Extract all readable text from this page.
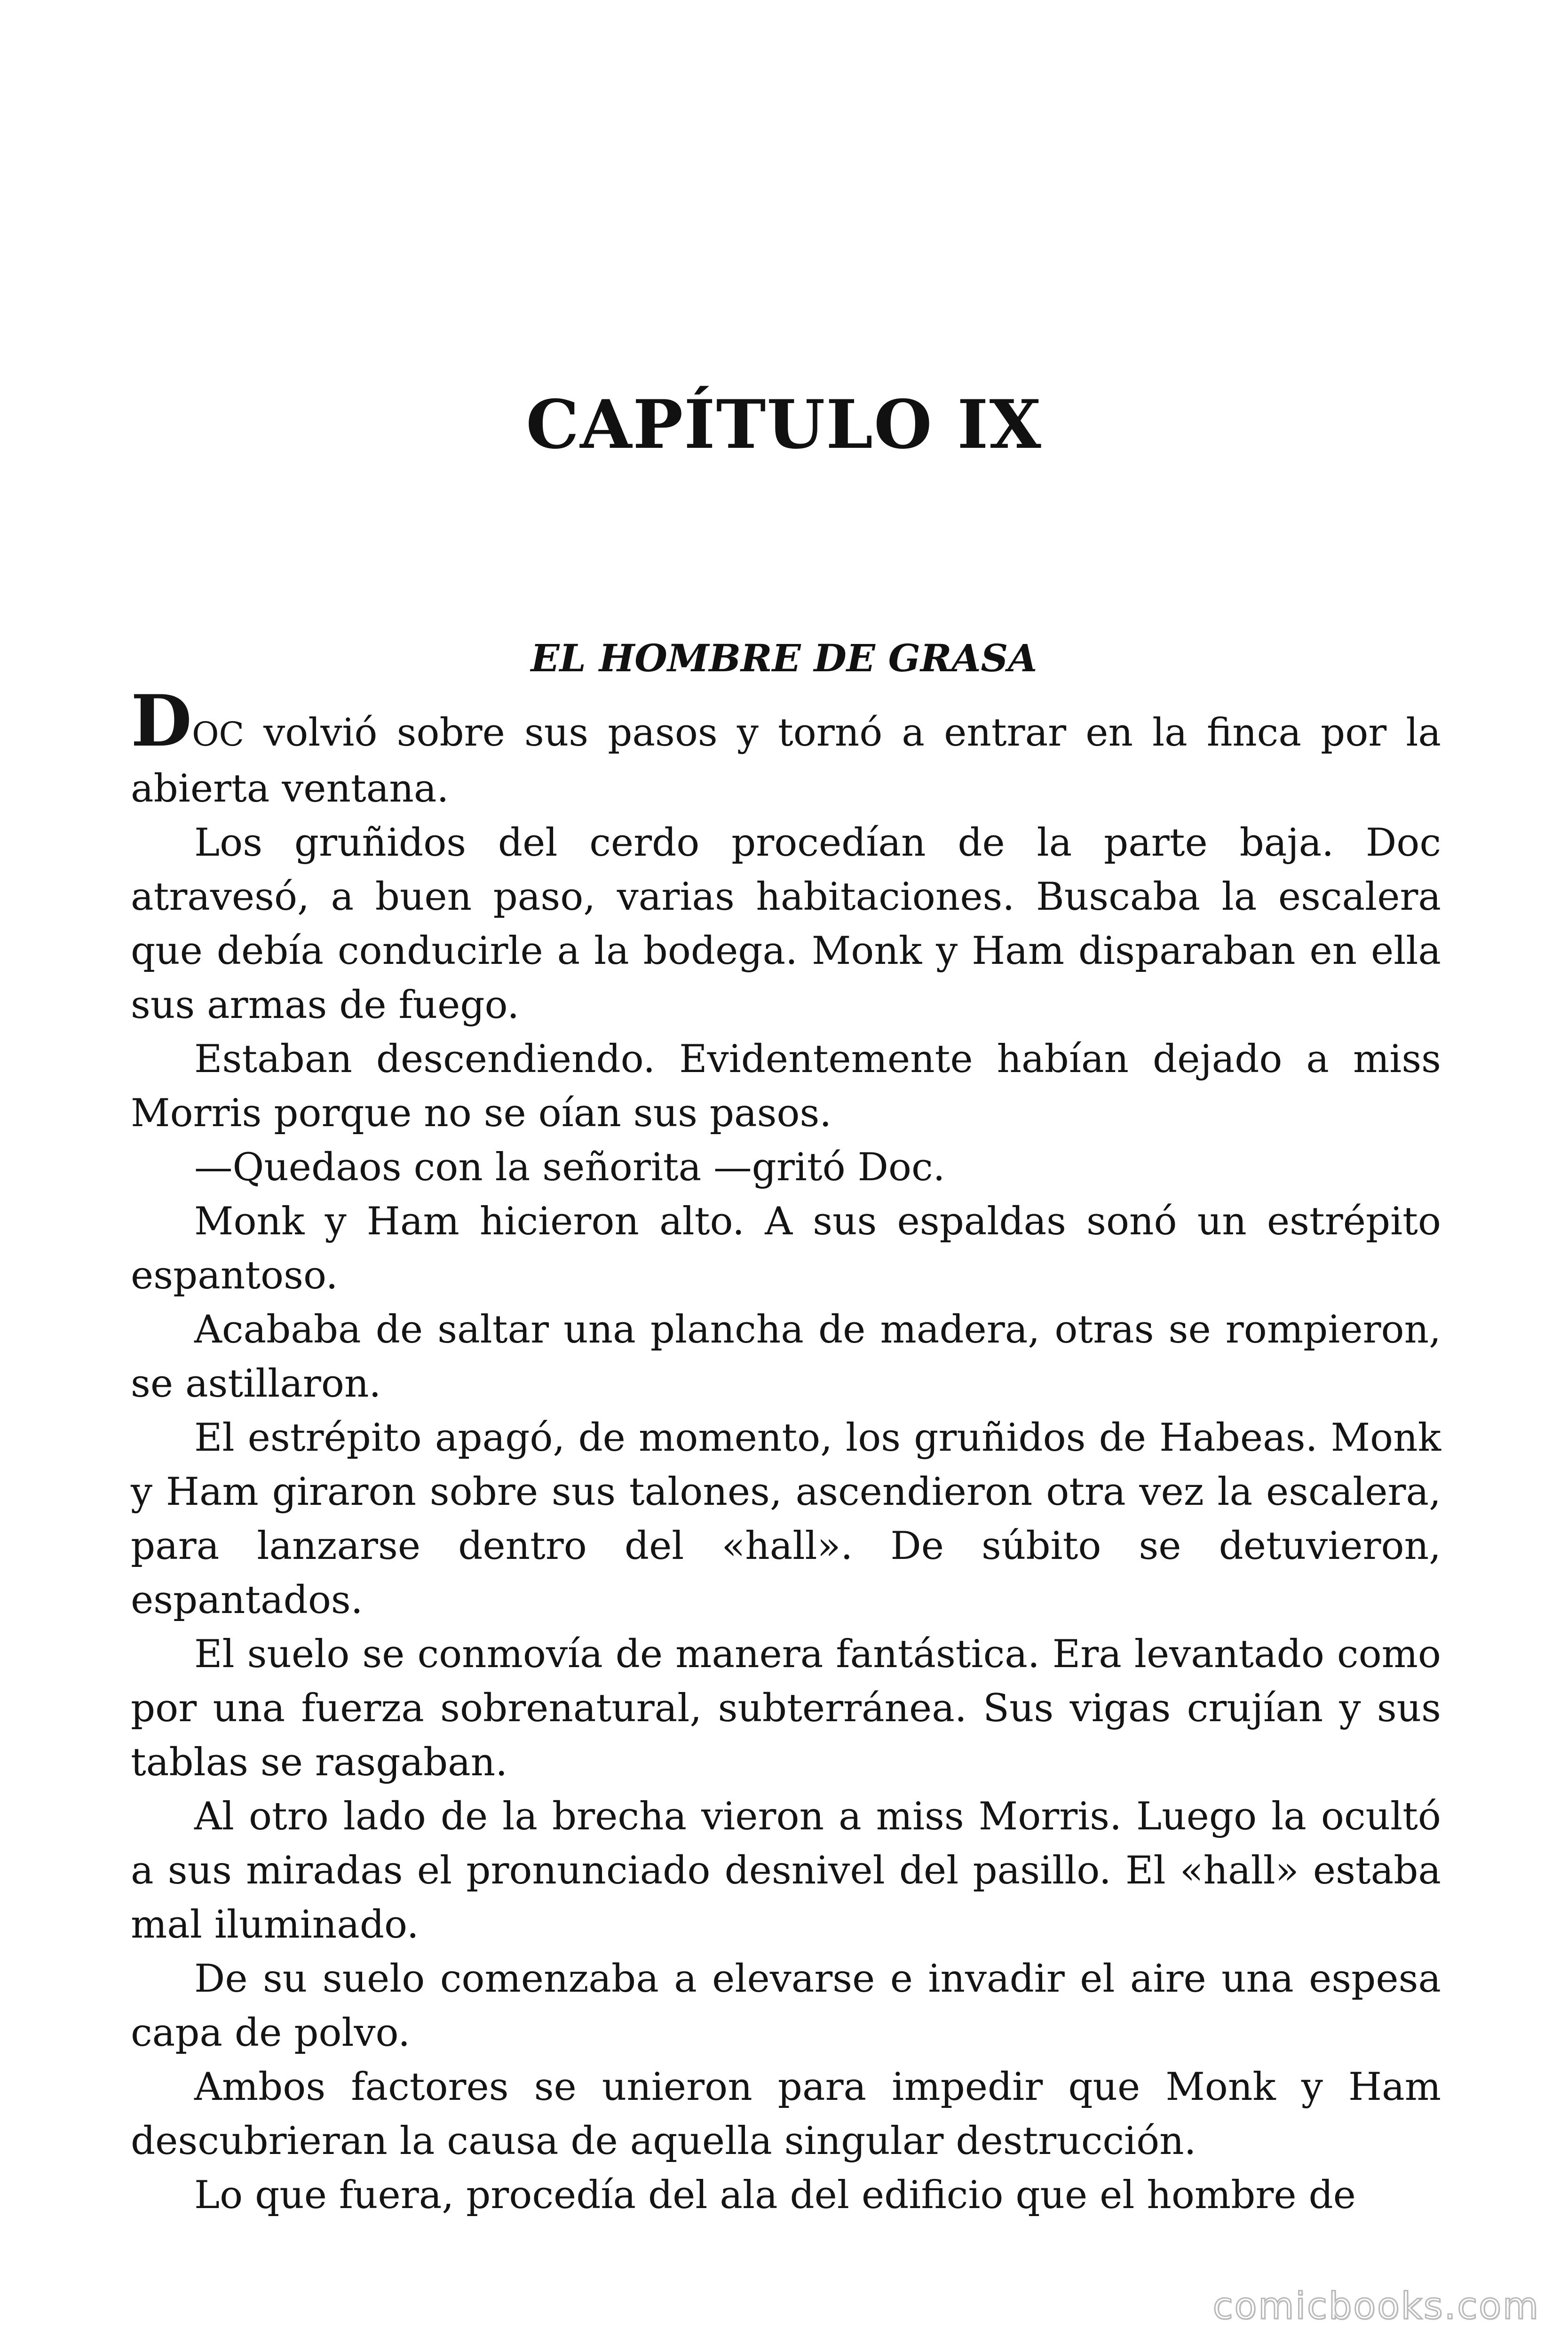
CAPÍTULO IX
EL HOMBRE DE GRASA

DOC volvió sobre sus pasos y tornó a entrar en la finca por la abierta ventana.

Los gruñidos del cerdo procedían de la parte baja. Doc atravesó, a buen paso, varias habitaciones. Buscaba la escalera que debía conducirle a la bodega. Monk y Ham disparaban en ella sus armas de fuego.

Estaban descendiendo. Evidentemente habían dejado a miss Morris porque no se oían sus pasos.

—Quedaos con la señorita —gritó Doc.

Monk y Ham hicieron alto. A sus espaldas sonó un estrépito espantoso.

Acababa de saltar una plancha de madera, otras se rompieron, se astillaron.

El estrépito apagó, de momento, los gruñidos de Habeas. Monk y Ham giraron sobre sus talones, ascendieron otra vez la escalera, para lanzarse dentro del «hall». De súbito se detuvieron, espantados.

El suelo se conmovía de manera fantástica. Era levantado como por una fuerza sobrenatural, subterránea. Sus vigas crujían y sus tablas se rasgaban.

Al otro lado de la brecha vieron a miss Morris. Luego la ocultó a sus miradas el pronunciado desnivel del pasillo. El «hall» estaba mal iluminado.

De su suelo comenzaba a elevarse e invadir el aire una espesa capa de polvo.

Ambos factores se unieron para impedir que Monk y Ham descubrieran la causa de aquella singular destrucción.

Lo que fuera, procedía del ala del edificio que el hombre de

comicbooks.com
